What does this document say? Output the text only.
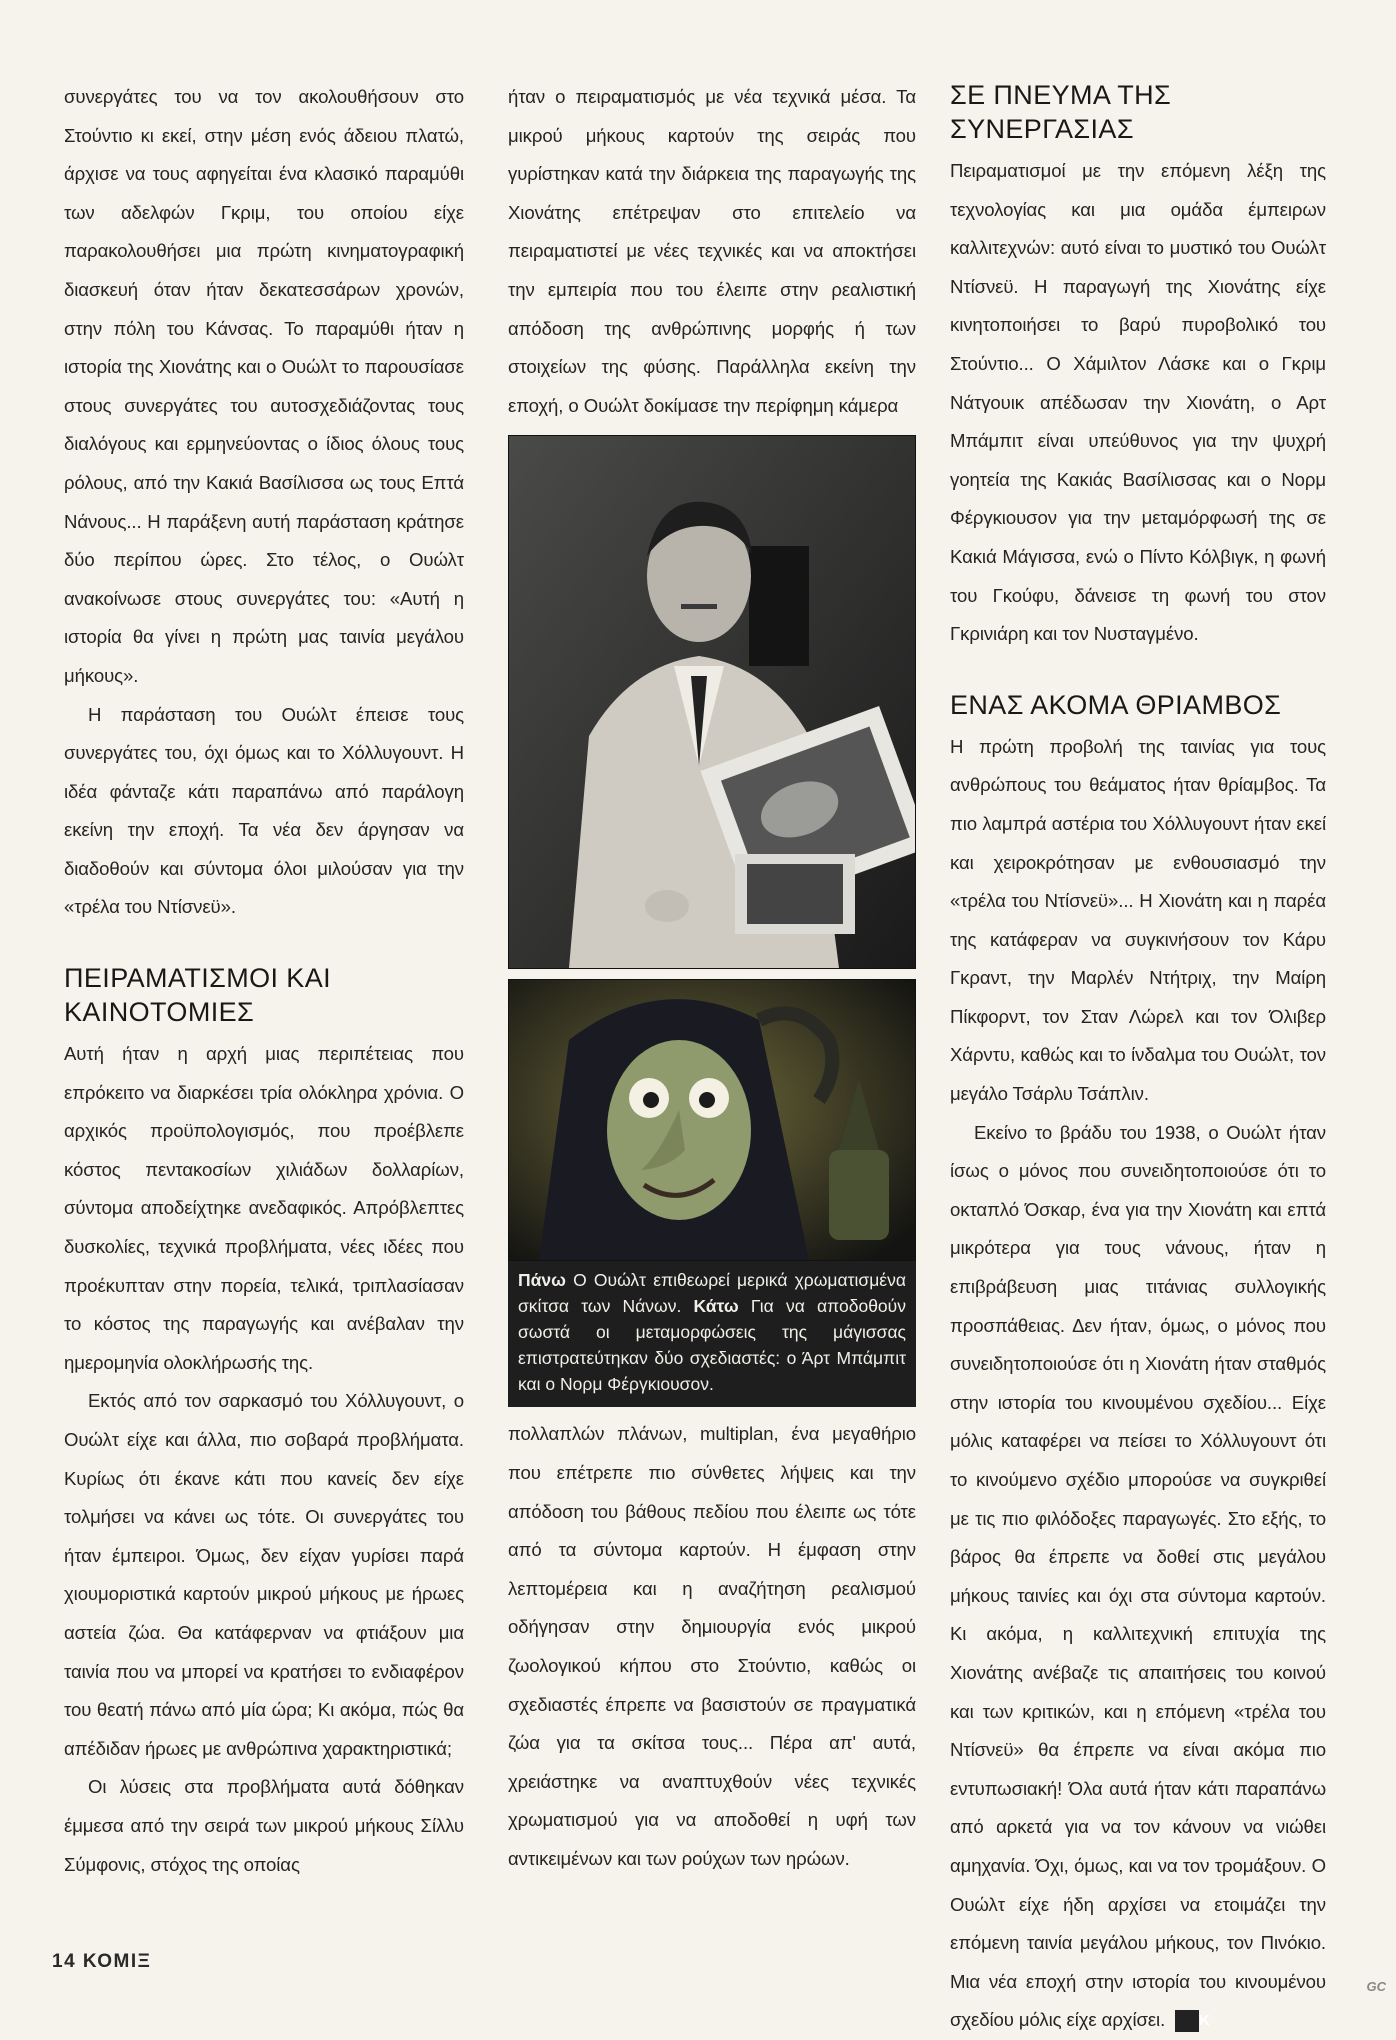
συνεργάτες του να τον ακολουθήσουν στο Στούντιο κι εκεί, στην μέση ενός άδειου πλατώ, άρχισε να τους αφηγείται ένα κλασικό παραμύθι των αδελφών Γκριμ, του οποίου είχε παρακολουθήσει μια πρώτη κινηματογραφική διασκευή όταν ήταν δεκατεσσάρων χρονών, στην πόλη του Κάνσας. Το παραμύθι ήταν η ιστορία της Χιονάτης και ο Ουώλτ το παρουσίασε στους συνεργάτες του αυτοσχεδιάζοντας τους διαλόγους και ερμηνεύοντας ο ίδιος όλους τους ρόλους, από την Κακιά Βασίλισσα ως τους Επτά Νάνους... Η παράξενη αυτή παράσταση κράτησε δύο περίπου ώρες. Στο τέλος, ο Ουώλτ ανακοίνωσε στους συνεργάτες του: «Αυτή η ιστορία θα γίνει η πρώτη μας ταινία μεγάλου μήκους».

Η παράσταση του Ουώλτ έπεισε τους συνεργάτες του, όχι όμως και το Χόλλυγουντ. Η ιδέα φάνταζε κάτι παραπάνω από παράλογη εκείνη την εποχή. Τα νέα δεν άργησαν να διαδοθούν και σύντομα όλοι μιλούσαν για την «τρέλα του Ντίσνεϋ».

ΠΕΙΡΑΜΑΤΙΣΜΟΙ ΚΑΙ ΚΑΙΝΟΤΟΜΙΕΣ

Αυτή ήταν η αρχή μιας περιπέτειας που επρόκειτο να διαρκέσει τρία ολόκληρα χρόνια. Ο αρχικός προϋπολογισμός, που προέβλεπε κόστος πεντακοσίων χιλιάδων δολλαρίων, σύντομα αποδείχτηκε ανεδαφικός. Απρόβλεπτες δυσκολίες, τεχνικά προβλήματα, νέες ιδέες που προέκυπταν στην πορεία, τελικά, τριπλασίασαν το κόστος της παραγωγής και ανέβαλαν την ημερομηνία ολοκλήρωσής της.

Εκτός από τον σαρκασμό του Χόλλυγουντ, ο Ουώλτ είχε και άλλα, πιο σοβαρά προβλήματα. Κυρίως ότι έκανε κάτι που κανείς δεν είχε τολμήσει να κάνει ως τότε. Οι συνεργάτες του ήταν έμπειροι. Όμως, δεν είχαν γυρίσει παρά χιουμοριστικά καρτούν μικρού μήκους με ήρωες αστεία ζώα. Θα κατάφερναν να φτιάξουν μια ταινία που να μπορεί να κρατήσει το ενδιαφέρον του θεατή πάνω από μία ώρα; Κι ακόμα, πώς θα απέδιδαν ήρωες με ανθρώπινα χαρακτηριστικά;

Οι λύσεις στα προβλήματα αυτά δόθηκαν έμμεσα από την σειρά των μικρού μήκους Σίλλυ Σύμφονις, στόχος της οποίας

ήταν ο πειραματισμός με νέα τεχνικά μέσα. Τα μικρού μήκους καρτούν της σειράς που γυρίστηκαν κατά την διάρκεια της παραγωγής της Χιονάτης επέτρεψαν στο επιτελείο να πειραματιστεί με νέες τεχνικές και να αποκτήσει την εμπειρία που του έλειπε στην ρεαλιστική απόδοση της ανθρώπινης μορφής ή των στοιχείων της φύσης. Παράλληλα εκείνη την εποχή, ο Ουώλτ δοκίμασε την περίφημη κάμερα

Πάνω Ο Ουώλτ επιθεωρεί μερικά χρωματισμένα σκίτσα των Νάνων. Κάτω Για να αποδοθούν σωστά οι μεταμορφώσεις της μάγισσας επιστρατεύτηκαν δύο σχεδιαστές: ο Άρτ Μπάμπιτ και ο Νορμ Φέργκιουσον.

πολλαπλών πλάνων, multiplan, ένα μεγαθήριο που επέτρεπε πιο σύνθετες λήψεις και την απόδοση του βάθους πεδίου που έλειπε ως τότε από τα σύντομα καρτούν. Η έμφαση στην λεπτομέρεια και η αναζήτηση ρεαλισμού οδήγησαν στην δημιουργία ενός μικρού ζωολογικού κήπου στο Στούντιο, καθώς οι σχεδιαστές έπρεπε να βασιστούν σε πραγματικά ζώα για τα σκίτσα τους... Πέρα απ' αυτά, χρειάστηκε να αναπτυχθούν νέες τεχνικές χρωματισμού για να αποδοθεί η υφή των αντικειμένων και των ρούχων των ηρώων.

ΣΕ ΠΝΕΥΜΑ ΤΗΣ ΣΥΝΕΡΓΑΣΙΑΣ

Πειραματισμοί με την επόμενη λέξη της τεχνολογίας και μια ομάδα έμπειρων καλλιτεχνών: αυτό είναι το μυστικό του Ουώλτ Ντίσνεϋ. Η παραγωγή της Χιονάτης είχε κινητοποιήσει το βαρύ πυροβολικό του Στούντιο... Ο Χάμιλτον Λάσκε και ο Γκριμ Νάτγουικ απέδωσαν την Χιονάτη, ο Αρτ Μπάμπιτ είναι υπεύθυνος για την ψυχρή γοητεία της Κακιάς Βασίλισσας και ο Νορμ Φέργκιουσον για την μεταμόρφωσή της σε Κακιά Μάγισσα, ενώ ο Πίντο Κόλβιγκ, η φωνή του Γκούφυ, δάνεισε τη φωνή του στον Γκρινιάρη και τον Νυσταγμένο.

ΕΝΑΣ ΑΚΟΜΑ ΘΡΙΑΜΒΟΣ

Η πρώτη προβολή της ταινίας για τους ανθρώπους του θεάματος ήταν θρίαμβος. Τα πιο λαμπρά αστέρια του Χόλλυγουντ ήταν εκεί και χειροκρότησαν με ενθουσιασμό την «τρέλα του Ντίσνεϋ»... Η Χιονάτη και η παρέα της κατάφεραν να συγκινήσουν τον Κάρυ Γκραντ, την Μαρλέν Ντήτριχ, την Μαίρη Πίκφορντ, τον Σταν Λώρελ και τον Όλιβερ Χάρντυ, καθώς και το ίνδαλμα του Ουώλτ, τον μεγάλο Τσάρλυ Τσάπλιν.

Εκείνο το βράδυ του 1938, ο Ουώλτ ήταν ίσως ο μόνος που συνειδητοποιούσε ότι το οκταπλό Όσκαρ, ένα για την Χιονάτη και επτά μικρότερα για τους νάνους, ήταν η επιβράβευση μιας τιτάνιας συλλογικής προσπάθειας. Δεν ήταν, όμως, ο μόνος που συνειδητοποιούσε ότι η Χιονάτη ήταν σταθμός στην ιστορία του κινουμένου σχεδίου... Είχε μόλις καταφέρει να πείσει το Χόλλυγουντ ότι το κινούμενο σχέδιο μπορούσε να συγκριθεί με τις πιο φιλόδοξες παραγωγές. Στο εξής, το βάρος θα έπρεπε να δοθεί στις μεγάλου μήκους ταινίες και όχι στα σύντομα καρτούν. Κι ακόμα, η καλλιτεχνική επιτυχία της Χιονάτης ανέβαζε τις απαιτήσεις του κοινού και των κριτικών, και η επόμενη «τρέλα του Ντίσνεϋ» θα έπρεπε να είναι ακόμα πιο εντυπωσιακή! Όλα αυτά ήταν κάτι παραπάνω από αρκετά για να τον κάνουν να νιώθει αμηχανία. Όχι, όμως, και να τον τρομάξουν. Ο Ουώλτ είχε ήδη αρχίσει να ετοιμάζει την επόμενη ταινία μεγάλου μήκους, τον Πινόκιο. Μια νέα εποχή στην ιστορία του κινουμένου σχεδίου μόλις είχε αρχίσει. K

14 ΚΟΜΙΞ
GC
